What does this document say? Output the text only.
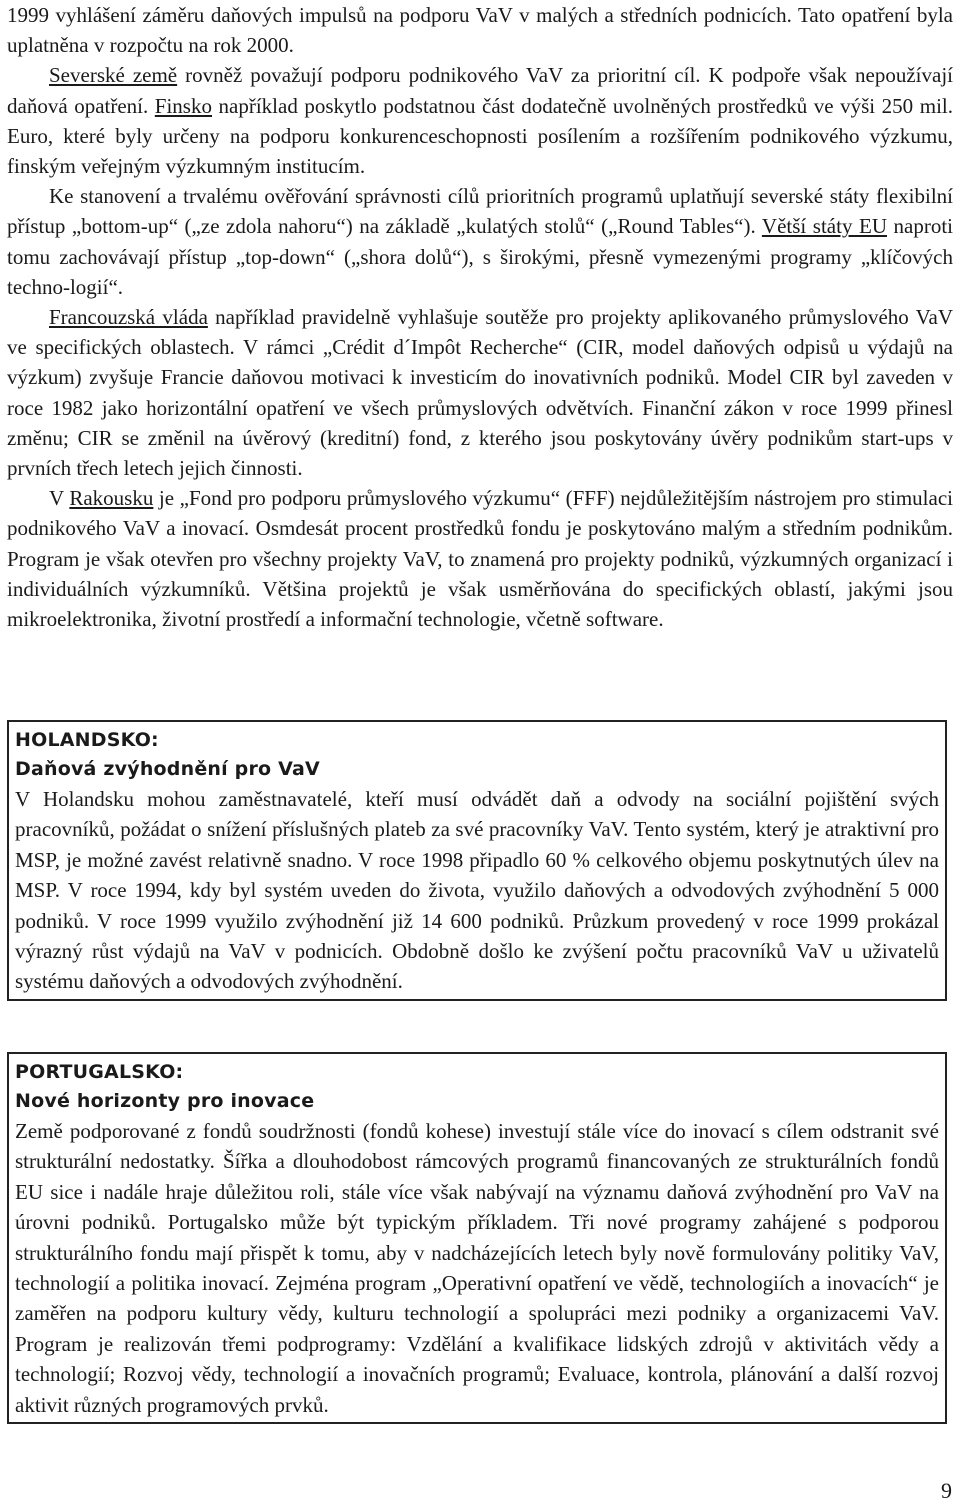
1999 vyhlášení záměru daňových impulsů na podporu VaV v malých a středních podnicích. Tato opatření byla uplatněna v rozpočtu na rok 2000.

Severské země rovněž považují podporu podnikového VaV za prioritní cíl. K podpoře však nepoužívají daňová opatření. Finsko například poskytlo podstatnou část dodatečně uvolněných prostředků ve výši 250 mil. Euro, které byly určeny na podporu konkurenceschopnosti posílením a rozšířením podnikového výzkumu, finským veřejným výzkumným institucím.

Ke stanovení a trvalému ověřování správnosti cílů prioritních programů uplatňují severské státy flexibilní přístup „bottom-up“ („ze zdola nahoru“) na základě „kulatých stolů“ („Round Tables“). Větší státy EU naproti tomu zachovávají přístup „top-down“ („shora dolů“), s širokými, přesně vymezenými programy „klíčových techno-logií“.

Francouzská vláda například pravidelně vyhlašuje soutěže pro projekty aplikovaného průmyslového VaV ve specifických oblastech. V rámci „Crédit d´Impôt Recherche“ (CIR, model daňových odpisů u výdajů na výzkum) zvyšuje Francie daňovou motivaci k investicím do inovativních podniků. Model CIR byl zaveden v roce 1982 jako horizontální opatření ve všech průmyslových odvětvích. Finanční zákon v roce 1999 přinesl změnu; CIR se změnil na úvěrový (kreditní) fond, z kterého jsou poskytovány úvěry podnikům start-ups v prvních třech letech jejich činnosti.

V Rakousku je „Fond pro podporu průmyslového výzkumu“ (FFF) nejdůležitějším nástrojem pro stimulaci podnikového VaV a inovací. Osmdesát procent prostředků fondu je poskytováno malým a středním podnikům. Program je však otevřen pro všechny projekty VaV, to znamená pro projekty podniků, výzkumných organizací i individuálních výzkumníků. Většina projektů je však usměrňována do specifických oblastí, jakými jsou mikroelektronika, životní prostředí a informační technologie, včetně software.

HOLANDSKO:

Daňová zvýhodnění pro VaV

V Holandsku mohou zaměstnavatelé, kteří musí odvádět daň a odvody na sociální pojištění svých pracovníků, požádat o snížení příslušných plateb za své pracovníky VaV. Tento systém, který je atraktivní pro MSP, je možné zavést relativně snadno. V roce 1998 připadlo 60 % celkového objemu poskytnutých úlev na MSP. V roce 1994, kdy byl systém uveden do života, využilo daňových a odvodových zvýhodnění 5 000 podniků. V roce 1999 využilo zvýhodnění již 14 600 podniků. Průzkum provedený v roce 1999 prokázal výrazný růst výdajů na VaV v podnicích. Obdobně došlo ke zvýšení počtu pracovníků VaV u uživatelů systému daňových a odvodových zvýhodnění.

PORTUGALSKO:

Nové horizonty pro inovace

Země podporované z fondů soudržnosti (fondů kohese) investují stále více do inovací s cílem odstranit své strukturální nedostatky. Šířka a dlouhodobost rámcových programů financovaných ze strukturálních fondů EU sice i nadále hraje důležitou roli, stále více však nabývají na významu daňová zvýhodnění pro VaV na úrovni podniků. Portugalsko může být typickým příkladem. Tři nové programy zahájené s podporou strukturálního fondu mají přispět k tomu, aby v nadcházejících letech byly nově formulovány politiky VaV, technologií a politika inovací. Zejména program „Operativní opatření ve vědě, technologiích a inovacích“ je zaměřen na podporu kultury vědy, kulturu technologií a spolupráci mezi podniky a organizacemi VaV. Program je realizován třemi podprogramy: Vzdělání a kvalifikace lidských zdrojů v aktivitách vědy a technologií; Rozvoj vědy, technologií a inovačních programů; Evaluace, kontrola, plánování a další rozvoj aktivit různých programových prvků.

9
